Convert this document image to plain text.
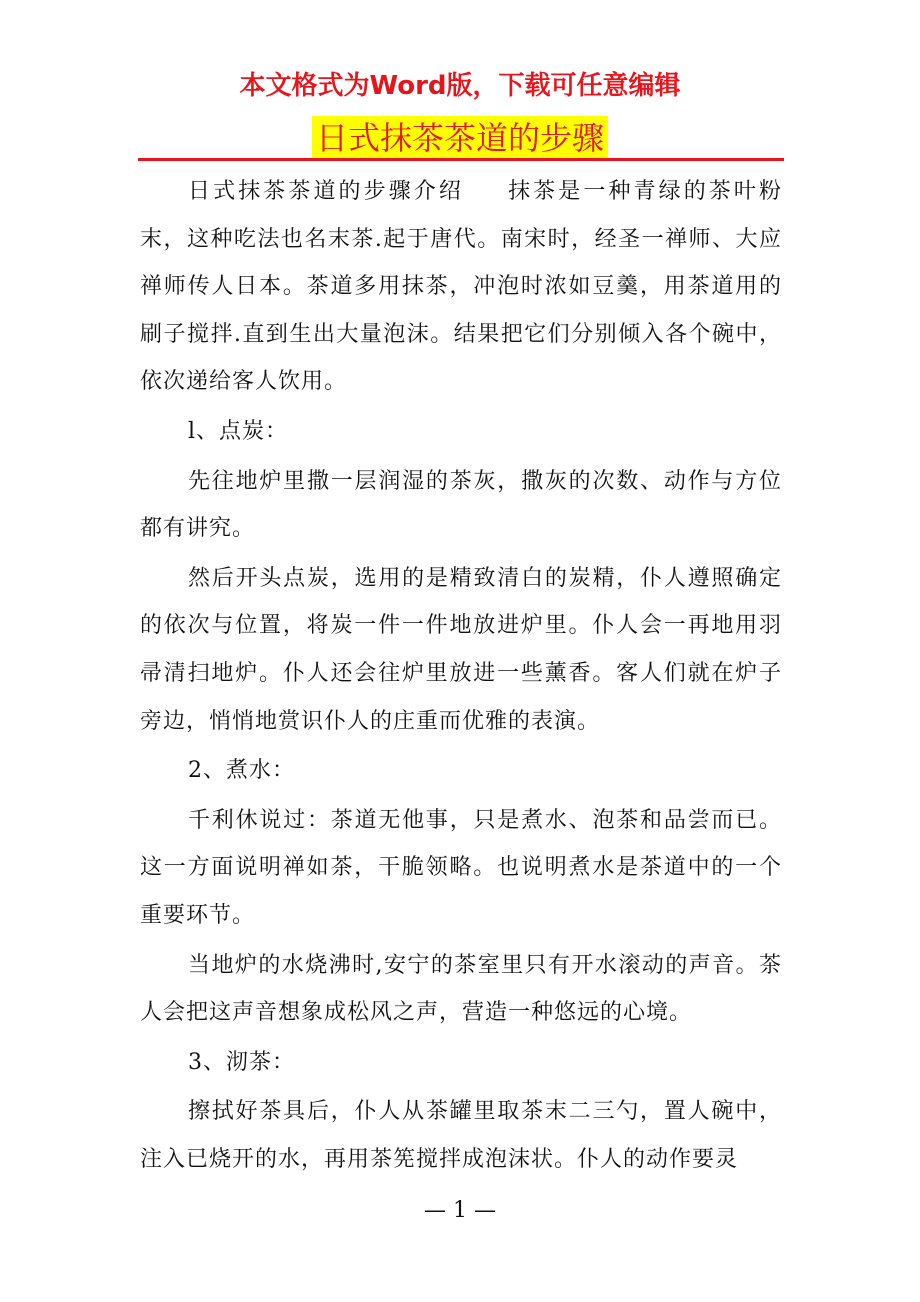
本文格式为Word版，下载可任意编辑
日式抹茶茶道的步骤

日式抹茶茶道的步骤介绍 抹茶是一种青绿的茶叶粉末，这种吃法也名末茶.起于唐代。南宋时，经圣一禅师、大应禅师传人日本。茶道多用抹茶，冲泡时浓如豆羹，用茶道用的刷子搅拌.直到生出大量泡沫。结果把它们分别倾入各个碗中，依次递给客人饮用。

l、点炭：

先往地炉里撒一层润湿的茶灰，撒灰的次数、动作与方位都有讲究。

然后开头点炭，选用的是精致清白的炭精，仆人遵照确定的依次与位置，将炭一件一件地放进炉里。仆人会一再地用羽帚清扫地炉。仆人还会往炉里放进一些薰香。客人们就在炉子旁边，悄悄地赏识仆人的庄重而优雅的表演。

2、煮水：

千利休说过：茶道无他事，只是煮水、泡茶和品尝而已。这一方面说明禅如茶，干脆领略。也说明煮水是茶道中的一个重要环节。

当地炉的水烧沸时,安宁的茶室里只有开水滚动的声音。茶人会把这声音想象成松风之声，营造一种悠远的心境。

3、沏茶：

擦拭好茶具后，仆人从茶罐里取茶末二三勺，置人碗中，注入已烧开的水，再用茶筅搅拌成泡沫状。仆人的动作要灵

— 1 —
